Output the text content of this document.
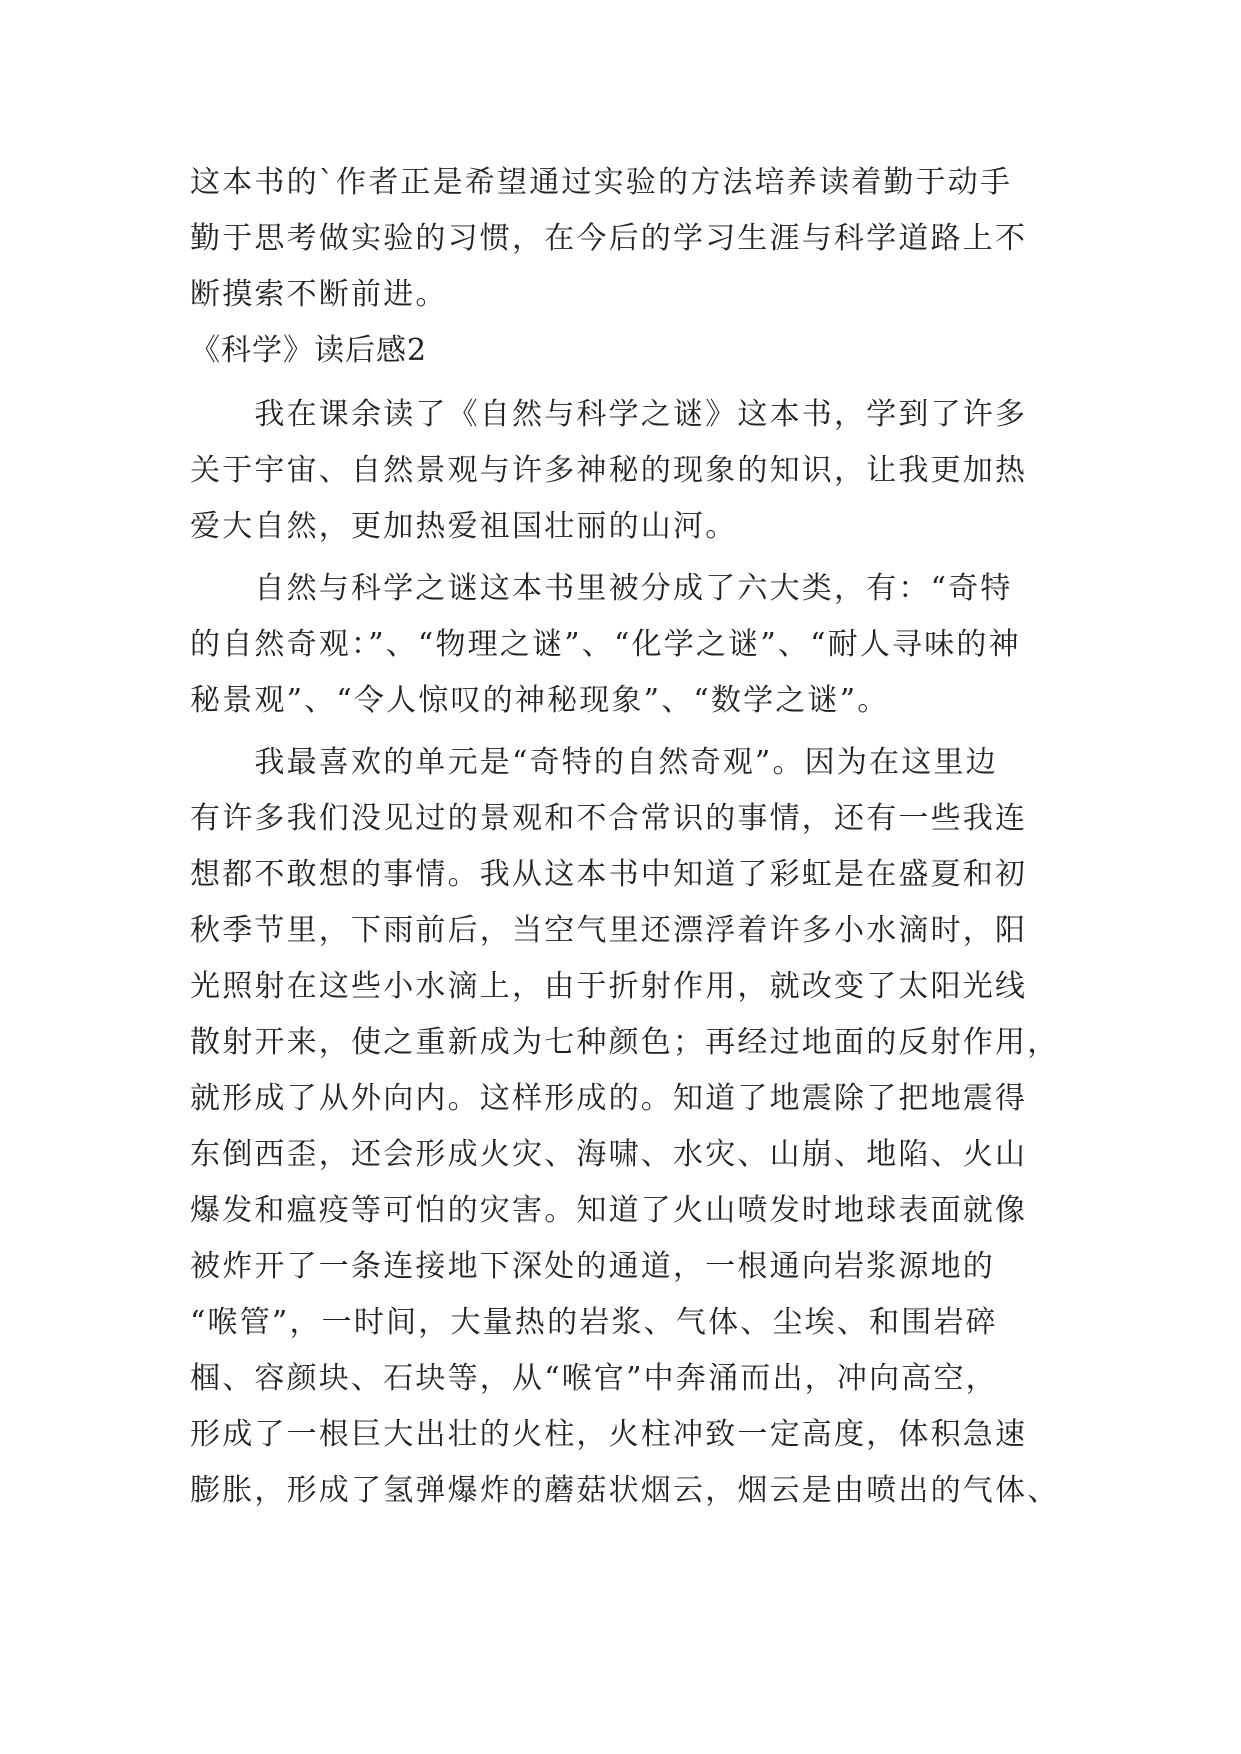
这本书的`作者正是希望通过实验的方法培养读着勤于动手
勤于思考做实验的习惯，在今后的学习生涯与科学道路上不
断摸索不断前进。
《科学》读后感2
　　我在课余读了《自然与科学之谜》这本书，学到了许多
关于宇宙、自然景观与许多神秘的现象的知识，让我更加热
爱大自然，更加热爱祖国壮丽的山河。
　　自然与科学之谜这本书里被分成了六大类，有：“奇特
的自然奇观：”、“物理之谜”、“化学之谜”、“耐人寻味的神
秘景观”、“令人惊叹的神秘现象”、“数学之谜”。
　　我最喜欢的单元是“奇特的自然奇观”。因为在这里边
有许多我们没见过的景观和不合常识的事情，还有一些我连
想都不敢想的事情。我从这本书中知道了彩虹是在盛夏和初
秋季节里，下雨前后，当空气里还漂浮着许多小水滴时，阳
光照射在这些小水滴上，由于折射作用，就改变了太阳光线
散射开来，使之重新成为七种颜色；再经过地面的反射作用，
就形成了从外向内。这样形成的。知道了地震除了把地震得
东倒西歪，还会形成火灾、海啸、水灾、山崩、地陷、火山
爆发和瘟疫等可怕的灾害。知道了火山喷发时地球表面就像
被炸开了一条连接地下深处的通道，一根通向岩浆源地的
“喉管”，一时间，大量热的岩浆、气体、尘埃、和围岩碎
椢、容颜块、石块等，从“喉官”中奔涌而出，冲向高空，
形成了一根巨大出壮的火柱，火柱冲致一定高度，体积急速
膨胀，形成了氢弹爆炸的蘑菇状烟云，烟云是由喷出的气体、
